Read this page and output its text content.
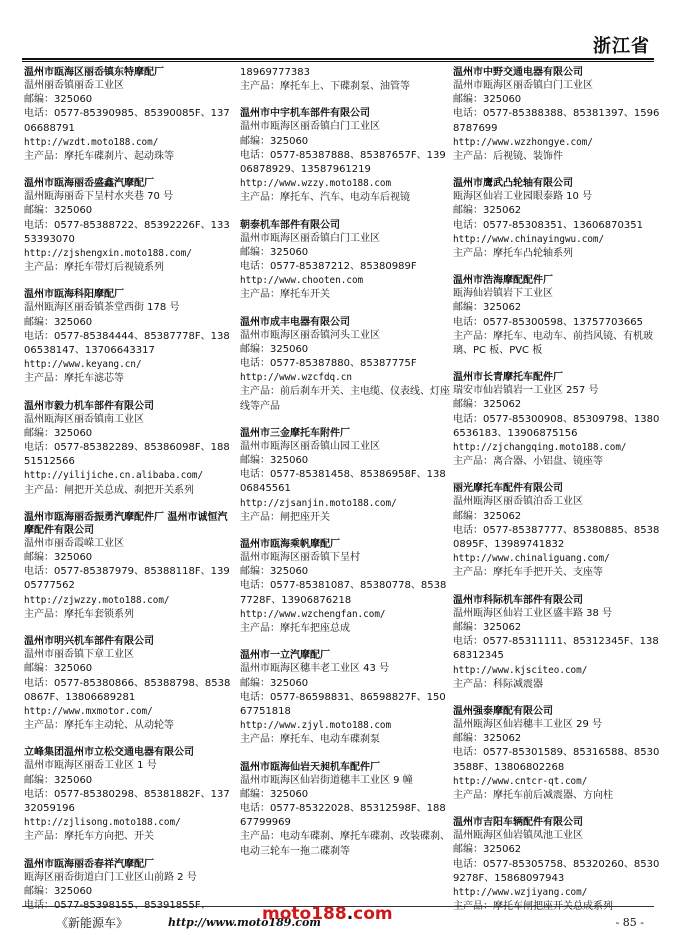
浙江省
温州市瓯海区丽岙镇东特摩配厂
温州丽岙镇丽岙工业区
邮编：325060
电话：0577-85390985、85390085F、13706688791
http://wzdt.moto188.com/
主产品：摩托车碟刹片、起动珠等
温州市瓯海丽岙盛鑫汽摩配厂
温州瓯海丽岙下呈村水夹巷 70 号
邮编：325060
电话：0577-85388722、85392226F、13353393070
http://zjshengxin.moto188.com/
主产品：摩托车带灯后视镜系列
温州市瓯海科阳摩配厂
温州瓯海区丽岙镇茶堂西街 178 号
邮编：325060
电话：0577-85384444、85387778F、13806538147、13706643317
http://www.keyang.cn/
主产品：摩托车滤芯等
温州市毅力机车部件有限公司
温州瓯海区丽岙镇南工业区
邮编：325060
电话：0577-85382289、85386098F、18851512566
http://yilijiche.cn.alibaba.com/
主产品：闸把开关总成、刹把开关系列
温州市瓯海丽岙振勇汽摩配件厂 温州市诚恒汽摩配件有限公司
温州市丽岙霞嵘工业区
邮编：325060
电话：0577-85387979、85388118F、13905777562
http://zjwzzy.moto188.com/
主产品：摩托车套锁系列
温州市明兴机车部件有限公司
温州市丽岙镇下章工业区
邮编：325060
电话：0577-85380866、85388798、85380867F、13806689281
http://www.mxmotor.com/
主产品：摩托车主动轮、从动轮等
立峰集团温州市立松交通电器有限公司
温州市瓯海区丽岙工业区 1 号
邮编：325060
电话：0577-85380298、85381882F、13732059196
http://zjlisong.moto188.com/
主产品：摩托车方向把、开关
温州市瓯海丽岙春祥汽摩配厂
瓯海区丽岙街道白门工业区山前路 2 号
邮编：325060
电话：0577-85398155、85391855F、
18969777383
主产品：摩托车上、下碟刹泵、油管等
温州市中宇机车部件有限公司
温州市瓯海区丽岙镇白门工业区
邮编：325060
电话：0577-85387888、85387657F、13906878929、13587961219
http://www.wzzy.moto188.com
主产品：摩托车、汽车、电动车后视镜
朝泰机车部件有限公司
温州市瓯海区丽岙镇白门工业区
邮编：325060
电话：0577-85387212、85380989F
http://www.chooten.com
主产品：摩托车开关
温州市成丰电器有限公司
温州市瓯海区丽岙镇河头工业区
邮编：325060
电话：0577-85387880、85387775F
http://www.wzcfdq.cn
主产品：前后刹车开关、主电缆、仪表线、灯座线等产品
温州市三金摩托车附件厂
温州市瓯海区丽岙镇山园工业区
邮编：325060
电话：0577-85381458、85386958F、13806845561
http://zjsanjin.moto188.com/
主产品：闸把座开关
温州市瓯海乘帆摩配厂
温州市瓯海区丽岙镇下呈村
邮编：325060
电话：0577-85381087、85380778、85387728F、13906876218
http://www.wzchengfan.com/
主产品：摩托车把座总成
温州市一立汽摩配厂
温州市瓯海区穗丰老工业区 43 号
邮编：325060
电话：0577-86598831、86598827F、15067751818
http://www.zjyl.moto188.com
主产品：摩托车、电动车碟刹泵
温州市瓯海仙岩天昶机车配件厂
温州市瓯海区仙岩街道穗丰工业区 9 幢
邮编：325060
电话：0577-85322028、85312598F、18867799969
主产品：电动车碟刹、摩托车碟刹、改装碟刹、电动三轮车一拖二碟刹等
温州市中野交通电器有限公司
温州市瓯海区丽岙镇白门工业区
邮编：325060
电话：0577-85388388、85381397、15968787699
http://www.wzzhongye.com/
主产品：后视镜、装饰件
温州市鹰武凸轮轴有限公司
瓯海区仙岩工业园眼泰路 10 号
邮编：325062
电话：0577-85308351、13606870351
http://www.chinayingwu.com/
主产品：摩托车凸轮轴系列
温州市浩海摩配配件厂
瓯海仙岩镇岩下工业区
邮编：325062
电话：0577-85300598、13757703665
主产品：摩托车、电动车、前挡风镜、有机玻璃、PC 板、PVC 板
温州市长青摩托车配件厂
瑞安市仙岩镇岩一工业区 257 号
邮编：325062
电话：0577-85300908、85309798、13806536183、13906875156
http://zjchangqing.moto188.com/
主产品：离合器、小铝盘、镜座等
丽光摩托车配件有限公司
温州瓯海区丽岙镇泊岙工业区
邮编：325062
电话：0577-85387777、85380885、85380895F、13989741832
http://www.chinaliguang.com/
主产品：摩托车手把开关、支座等
温州市科际机车部件有限公司
温州瓯海区仙岩工业区盛丰路 38 号
邮编：325062
电话：0577-85311111、85312345F、13868312345
http://www.kjsciteo.com/
主产品：科际减震器
温州强泰摩配有限公司
温州瓯海区仙岩穗丰工业区 29 号
邮编：325062
电话：0577-85301589、85316588、85303588F、13806802268
http://www.cntcr-qt.com/
主产品：摩托车前后减震器、方向柱
温州市吉阳车辆配件有限公司
温州瓯海区仙岩镇凤池工业区
邮编：325062
电话：0577-85305758、85320260、85309278F、15868097943
http://www.wzjiyang.com/
主产品：摩托车闸把座开关总成系列
《新能源车》	http://www.moto189.com
moto188.com	- 85 -
